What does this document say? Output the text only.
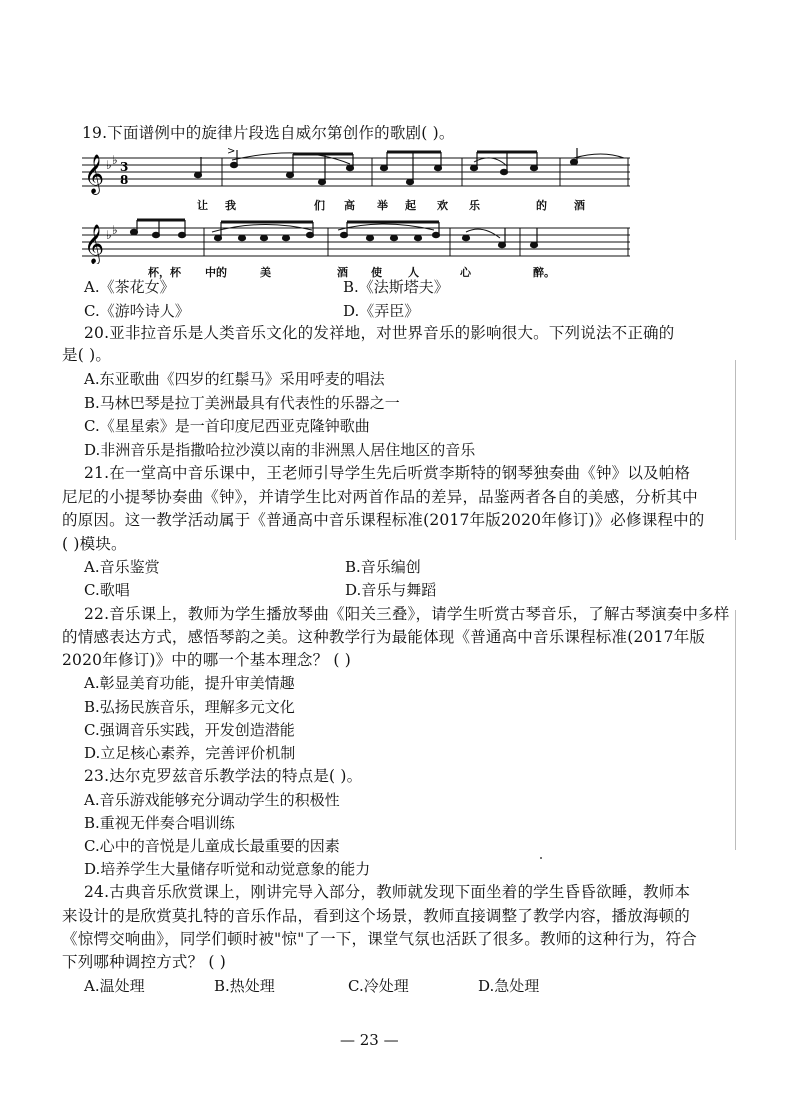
19.下面谱例中的旋律片段选自威尔第创作的歌剧( )。
𝄞 ♭ ♭ 3
8
>
让 我	们 高 举 起 欢 乐	的 酒
𝄞 ♭ ♭
杯，杯 中的	美	酒 使 人	心	醉。
A.《茶花女》	B.《法斯塔夫》
C.《游吟诗人》	D.《弄臣》
20.亚非拉音乐是人类音乐文化的发祥地，对世界音乐的影响很大。下列说法不正确的
是( )。
A.东亚歌曲《四岁的红鬃马》采用呼麦的唱法
B.马林巴琴是拉丁美洲最具有代表性的乐器之一
C.《星星索》是一首印度尼西亚克隆钟歌曲
D.非洲音乐是指撒哈拉沙漠以南的非洲黑人居住地区的音乐
21.在一堂高中音乐课中，王老师引导学生先后听赏李斯特的钢琴独奏曲《钟》以及帕格
尼尼的小提琴协奏曲《钟》，并请学生比对两首作品的差异，品鉴两者各自的美感，分析其中
的原因。这一教学活动属于《普通高中音乐课程标准(2017年版2020年修订)》必修课程中的
( )模块。
A.音乐鉴赏	B.音乐编创
C.歌唱	D.音乐与舞蹈
22.音乐课上，教师为学生播放琴曲《阳关三叠》，请学生听赏古琴音乐，了解古琴演奏中多样
的情感表达方式，感悟琴韵之美。这种教学行为最能体现《普通高中音乐课程标准(2017年版
2020年修订)》中的哪一个基本理念？ ( )
A.彰显美育功能，提升审美情趣
B.弘扬民族音乐，理解多元文化
C.强调音乐实践，开发创造潜能
D.立足核心素养，完善评价机制
23.达尔克罗兹音乐教学法的特点是( )。
A.音乐游戏能够充分调动学生的积极性
B.重视无伴奏合唱训练
C.心中的音悦是儿童成长最重要的因素
D.培养学生大量储存听觉和动觉意象的能力
24.古典音乐欣赏课上，刚讲完导入部分，教师就发现下面坐着的学生昏昏欲睡，教师本
来设计的是欣赏莫扎特的音乐作品，看到这个场景，教师直接调整了教学内容，播放海顿的
《惊愕交响曲》，同学们顿时被"惊"了一下，课堂气氛也活跃了很多。教师的这种行为，符合
下列哪种调控方式？ ( )
A.温处理	B.热处理	C.冷处理	D.急处理
— 23 —
